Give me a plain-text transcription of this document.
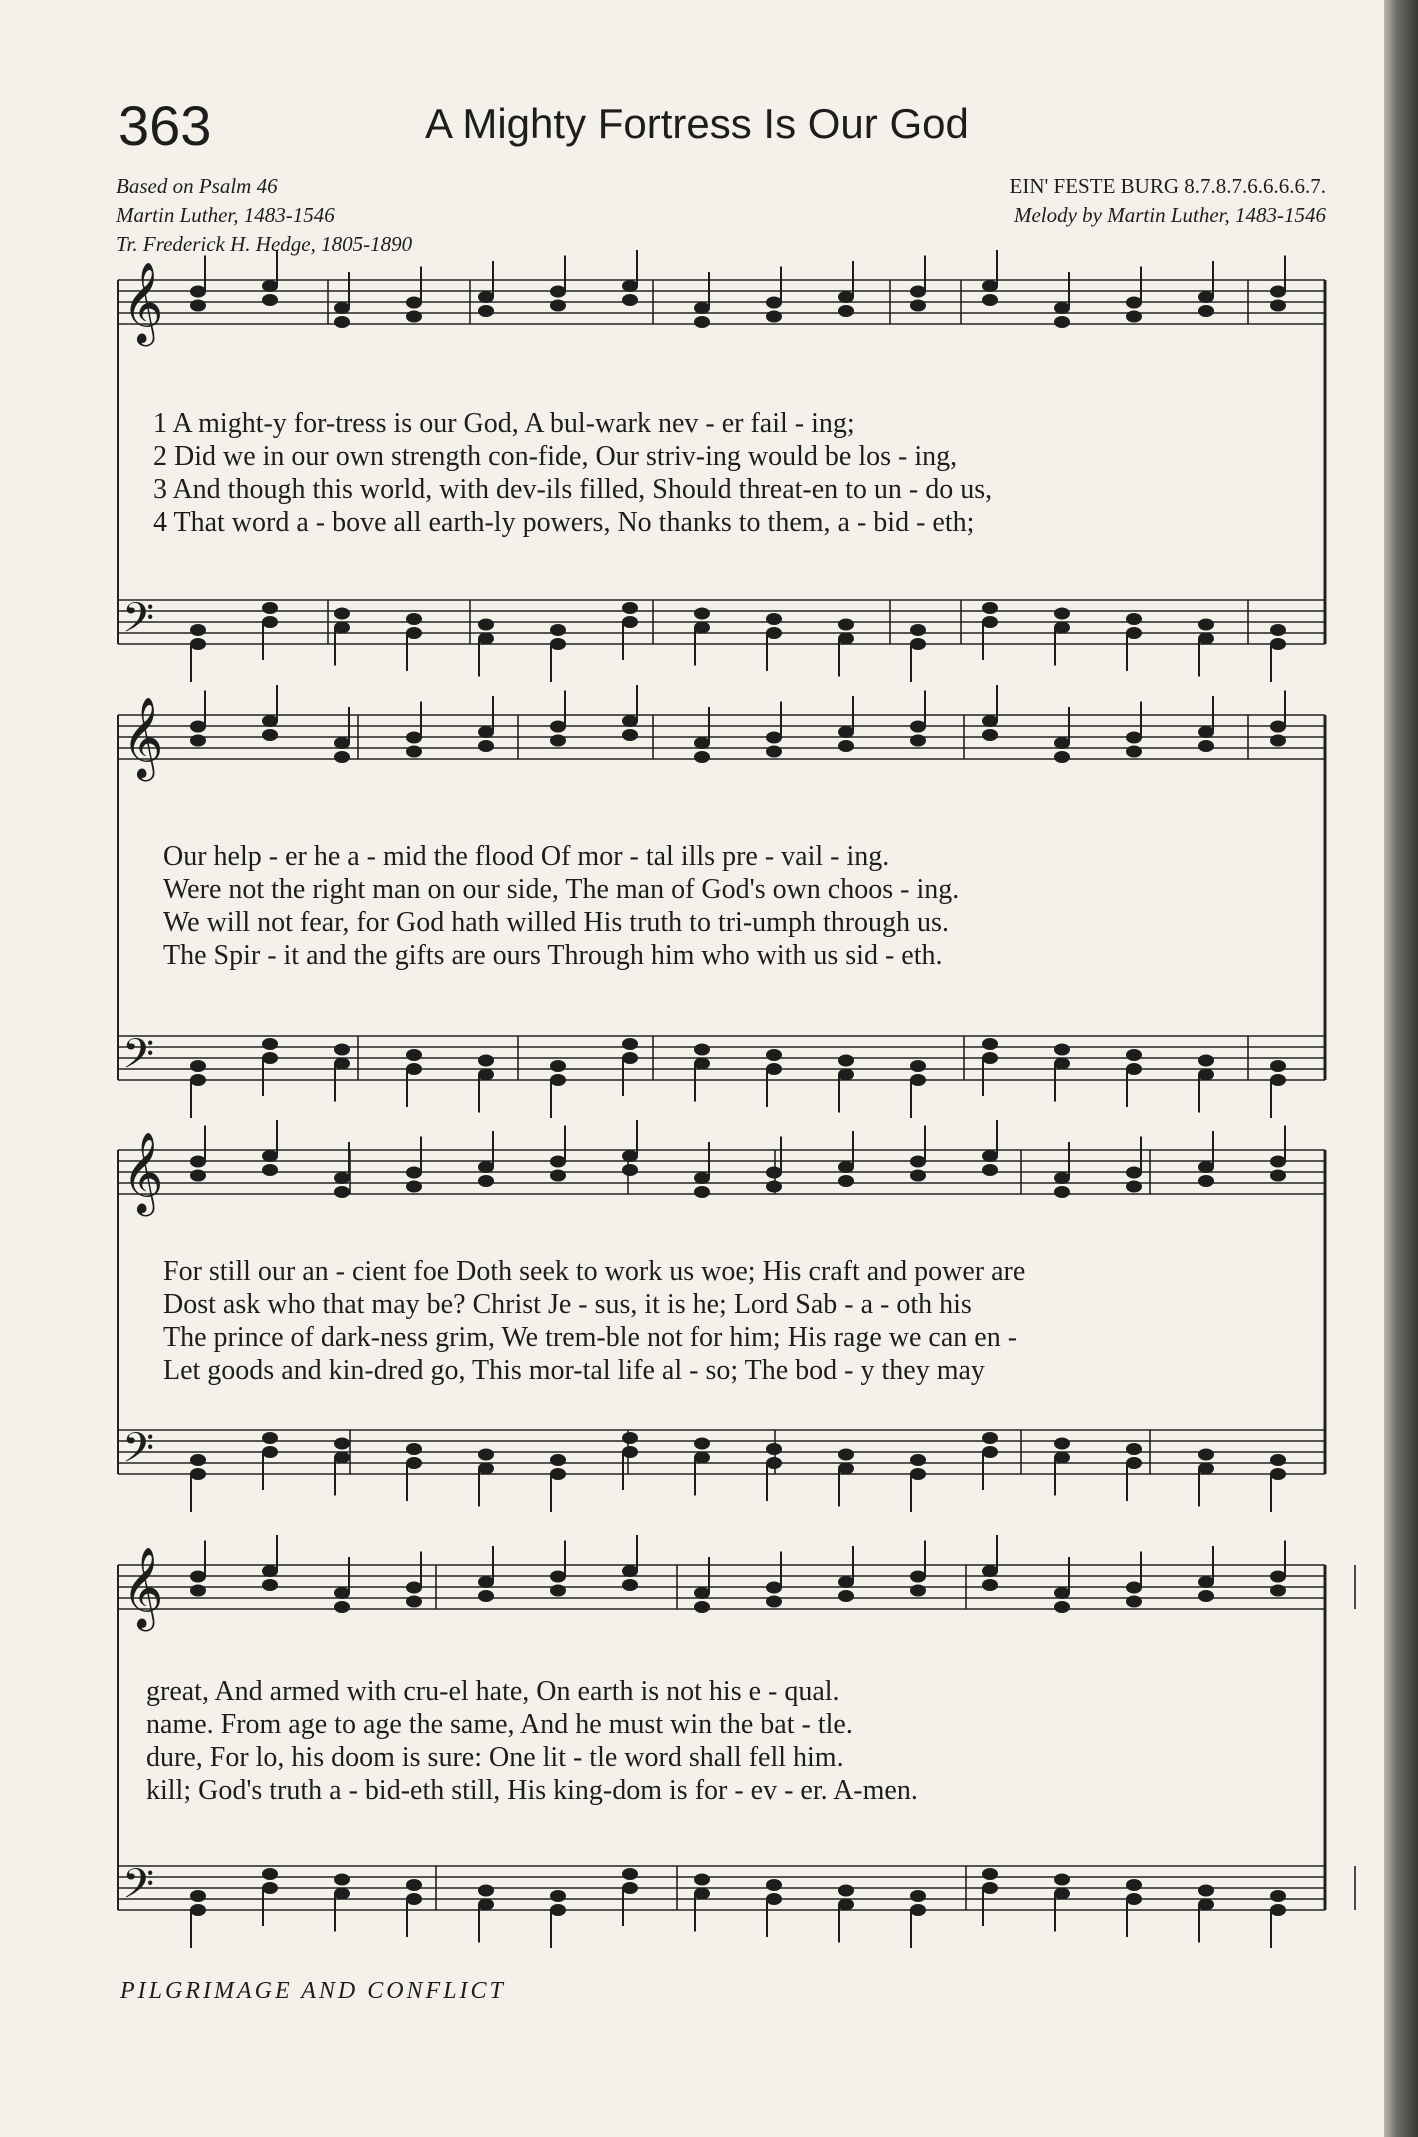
363	A Mighty Fortress Is Our God
Based on Psalm 46
Martin Luther, 1483-1546
Tr. Frederick H. Hedge, 1805-1890
EIN' FESTE BURG 8.7.8.7.6.6.6.6.7.
Melody by Martin Luther, 1483-1546
𝄞
𝄢
𝄞
𝄢
𝄞
𝄢
𝄞
𝄢
1 A might-y for-tress is our God, A bul-wark nev - er fail - ing;
2 Did we in our own strength con-fide, Our striv-ing would be los - ing,
3 And though this world, with dev-ils filled, Should threat-en to un - do us,
4 That word a - bove all earth-ly powers, No thanks to them, a - bid - eth;
Our help - er he a - mid the flood Of mor - tal ills pre - vail - ing.
Were not the right man on our side, The man of God's own choos - ing.
We will not fear, for God hath willed His truth to tri-umph through us.
The Spir - it and the gifts are ours Through him who with us sid - eth.
For still our an - cient foe Doth seek to work us woe; His craft and power are
Dost ask who that may be? Christ Je - sus, it is he; Lord Sab - a - oth his
The prince of dark-ness grim, We trem-ble not for him; His rage we can en -
Let goods and kin-dred go, This mor-tal life al - so; The bod - y they may
great, And armed with cru-el hate, On earth is not his e - qual.
name. From age to age the same, And he must win the bat - tle.
dure, For lo, his doom is sure: One lit - tle word shall fell him.
kill; God's truth a - bid-eth still, His king-dom is for - ev - er. A-men.
PILGRIMAGE AND CONFLICT
